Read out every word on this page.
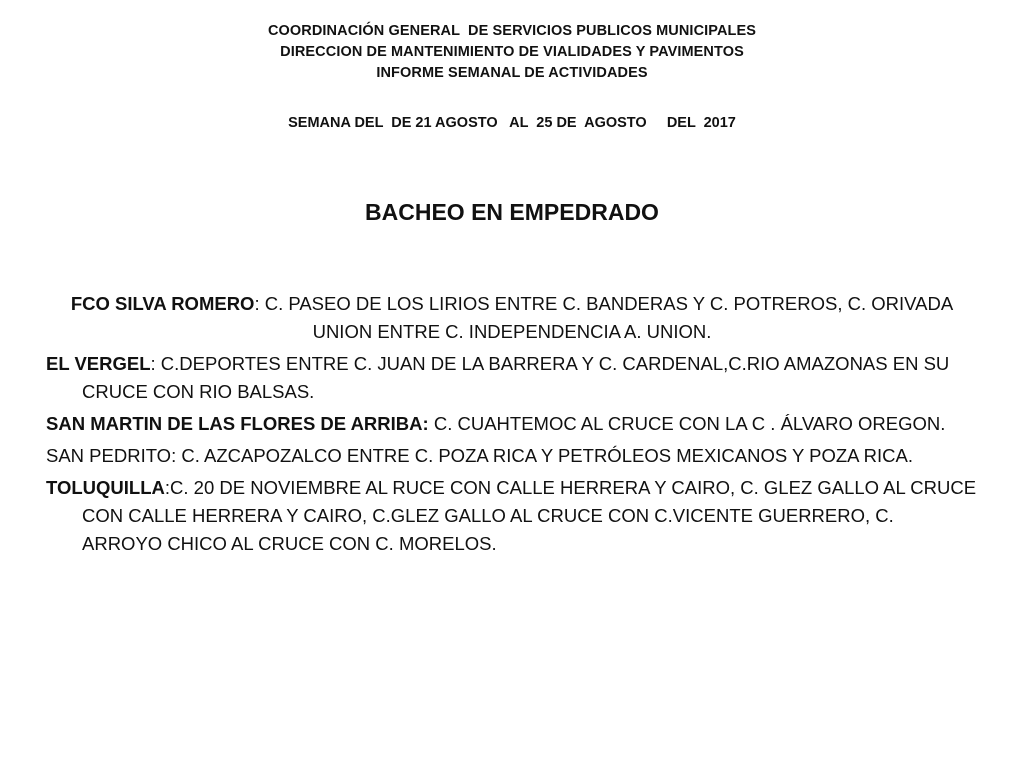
COORDINACIÓN GENERAL  DE SERVICIOS PUBLICOS MUNICIPALES
DIRECCION DE MANTENIMIENTO DE VIALIDADES Y PAVIMENTOS
INFORME SEMANAL DE ACTIVIDADES
SEMANA DEL  DE 21 AGOSTO   AL  25 DE  AGOSTO     DEL  2017
BACHEO EN EMPEDRADO

FCO SILVA ROMERO: C. PASEO DE LOS LIRIOS ENTRE C. BANDERAS Y C. POTREROS, C. ORIVADA UNION ENTRE C. INDEPENDENCIA A. UNION.

EL VERGEL: C.DEPORTES ENTRE C. JUAN DE LA BARRERA Y C. CARDENAL,C.RIO AMAZONAS EN SU CRUCE CON RIO BALSAS.

SAN MARTIN DE LAS FLORES DE ARRIBA: C. CUAHTEMOC AL CRUCE CON LA C . ÁLVARO OREGON.

SAN PEDRITO: C. AZCAPOZALCO ENTRE C. POZA RICA Y PETRÓLEOS MEXICANOS Y POZA RICA.

TOLUQUILLA:C. 20 DE NOVIEMBRE AL RUCE CON CALLE HERRERA Y CAIRO, C. GLEZ GALLO AL CRUCE CON CALLE HERRERA Y CAIRO, C.GLEZ GALLO AL CRUCE CON C.VICENTE GUERRERO, C. ARROYO CHICO AL CRUCE CON C. MORELOS.
